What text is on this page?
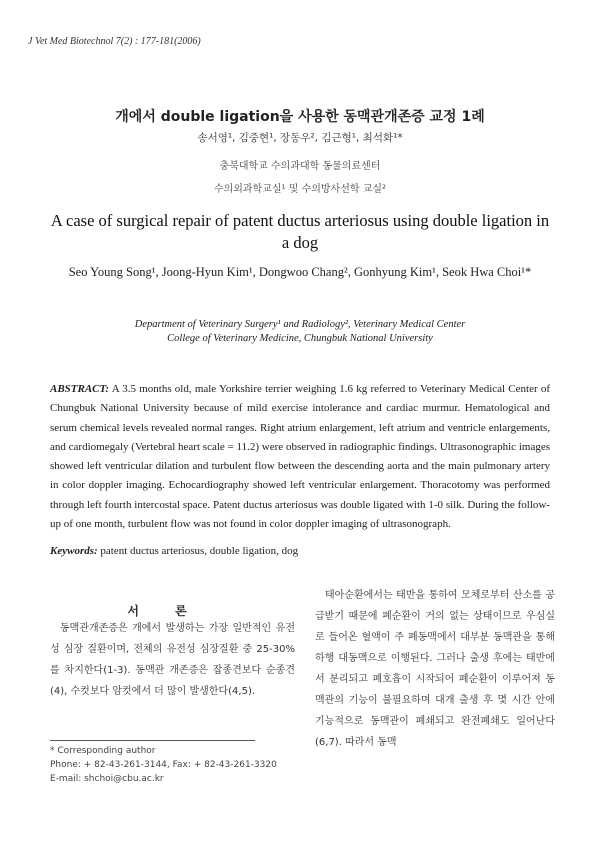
J Vet Med Biotechnol 7(2) : 177-181(2006)
개에서 double ligation을 사용한 동맥관개존증 교정 1례
송서영¹, 김중현¹, 장동우², 김근형¹, 최석화¹*
충북대학교 수의과대학 동물의료센터
수의외과학교실¹ 및 수의방사선학 교실²
A case of surgical repair of patent ductus arteriosus using double ligation in a dog
Seo Young Song¹, Joong-Hyun Kim¹, Dongwoo Chang², Gonhyung Kim¹, Seok Hwa Choi¹*
Department of Veterinary Surgery¹ and Radiology², Veterinary Medical Center
College of Veterinary Medicine, Chungbuk National University
ABSTRACT: A 3.5 months old, male Yorkshire terrier weighing 1.6 kg referred to Veterinary Medical Center of Chungbuk National University because of mild exercise intolerance and cardiac murmur. Hematological and serum chemical levels revealed normal ranges. Right atrium enlargement, left atrium and ventricle enlargements, and cardiomegaly (Vertebral heart scale = 11.2) were observed in radiographic findings. Ultrasonographic images showed left ventricular dilation and turbulent flow between the descending aorta and the main pulmonary artery in color doppler imaging. Echocardiography showed left ventricular enlargement. Thoracotomy was performed through left fourth intercostal space. Patent ductus arteriosus was double ligated with 1-0 silk. During the follow-up of one month, turbulent flow was not found in color doppler imaging of ultrasonograph.
Keywords: patent ductus arteriosus, double ligation, dog
서 론
동맥관개존증은 개에서 발생하는 가장 일반적인 유전성 심장 질환이며, 전체의 유전성 심장질환 중 25-30%를 차지한다(1-3). 동맥관 개존증은 잡종견보다 순종견(4), 수컷보다 암컷에서 더 많이 발생한다(4,5).
태아순환에서는 태반을 통하여 모체로부터 산소를 공급받기 때문에 폐순환이 거의 없는 상태이므로 우심실로 들어온 혈액이 주 폐동맥에서 대부분 동맥관을 통해 하행 대동맥으로 이행된다. 그러나 출생 후에는 태반에서 분리되고 폐호흡이 시작되어 폐순환이 이루어져 동맥관의 기능이 불필요하며 대개 출생 후 몇 시간 안에 기능적으로 동맥관이 폐쇄되고 완전폐쇄도 일어난다(6,7). 따라서 동맥
* Corresponding author
Phone: + 82-43-261-3144, Fax: + 82-43-261-3320
E-mail: shchoi@cbu.ac.kr
